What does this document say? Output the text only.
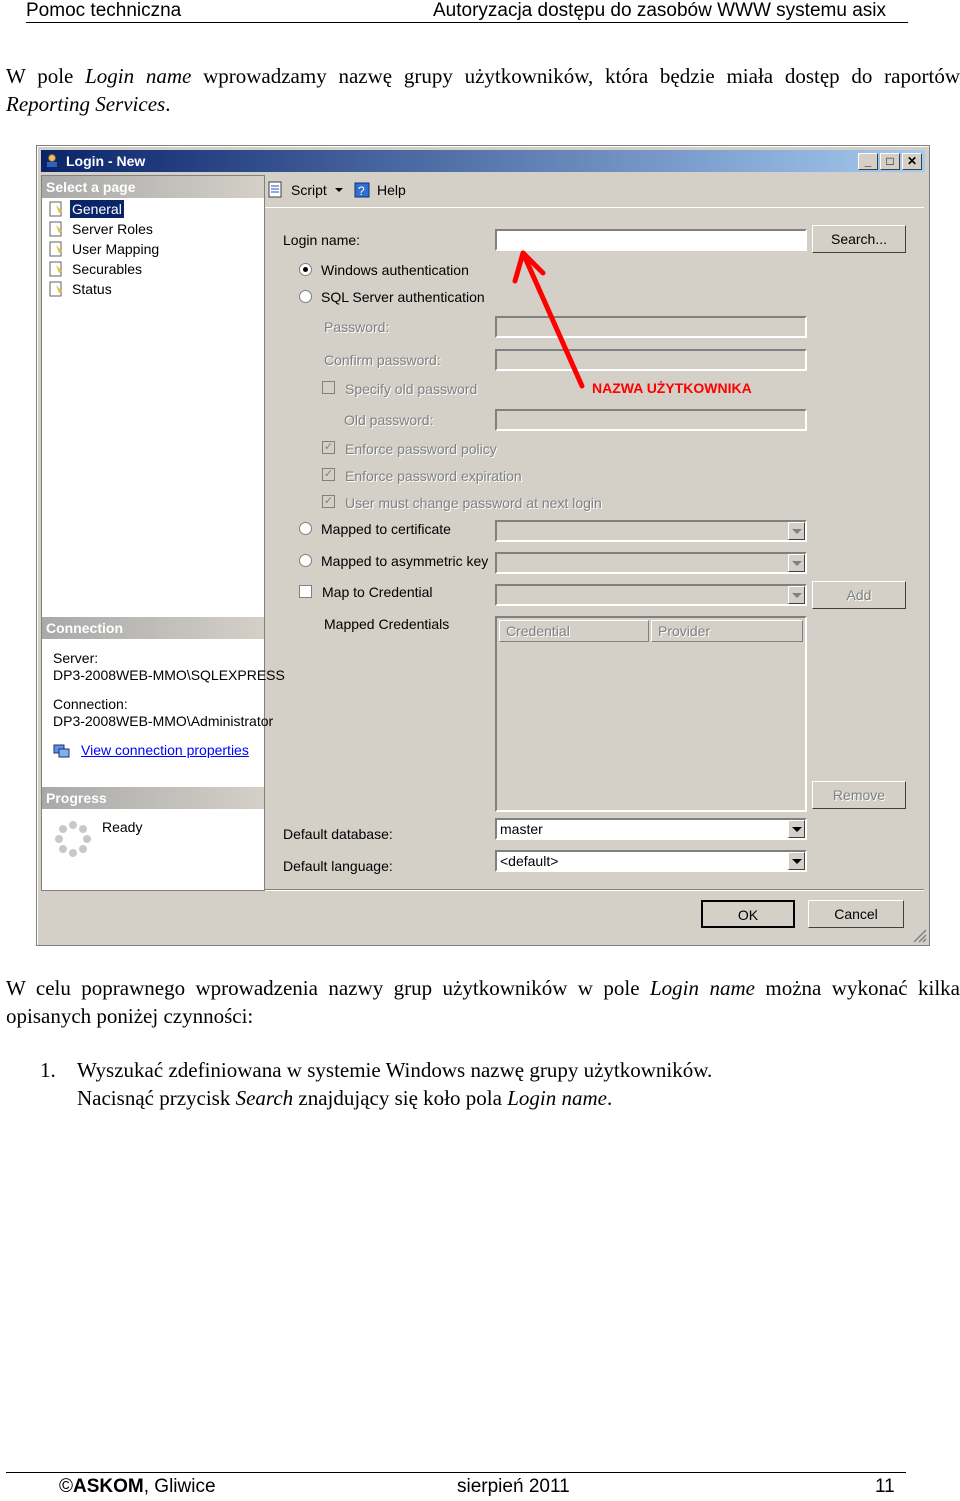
Pomoc techniczna	Autoryzacja dostępu do zasobów WWW systemu asix
W pole Login name wprowadzamy nazwę grupy użytkowników, która będzie miała dostęp do raportów Reporting Services.
Login - New	_	□	✕
Select a page
General
Server Roles
User Mapping
Securables
Status
Connection
Server:
DP3-2008WEB-MMO\SQLEXPRESS
Connection:
DP3-2008WEB-MMO\Administrator
View connection properties
Progress
Ready
Script	? Help
Login name:	Search...
Windows authentication
SQL Server authentication
Password:
Confirm password:
Specify old password
Old password:
✓ Enforce password policy
✓ Enforce password expiration
✓ User must change password at next login
Mapped to certificate
Mapped to asymmetric key
Map to Credential	Add
Mapped Credentials	Credential	Provider
Remove
Default database:	master
Default language:	<default>
OK	Cancel
NAZWA UŻYTKOWNIKA
W celu poprawnego wprowadzenia nazwy grup użytkowników w pole Login name można wykonać kilka opisanych poniżej czynności:
1. Wyszukać zdefiniowana w systemie Windows nazwę grupy użytkowników.
Nacisnąć przycisk Search znajdujący się koło pola Login name.
©ASKOM, Gliwice	sierpień 2011	11
